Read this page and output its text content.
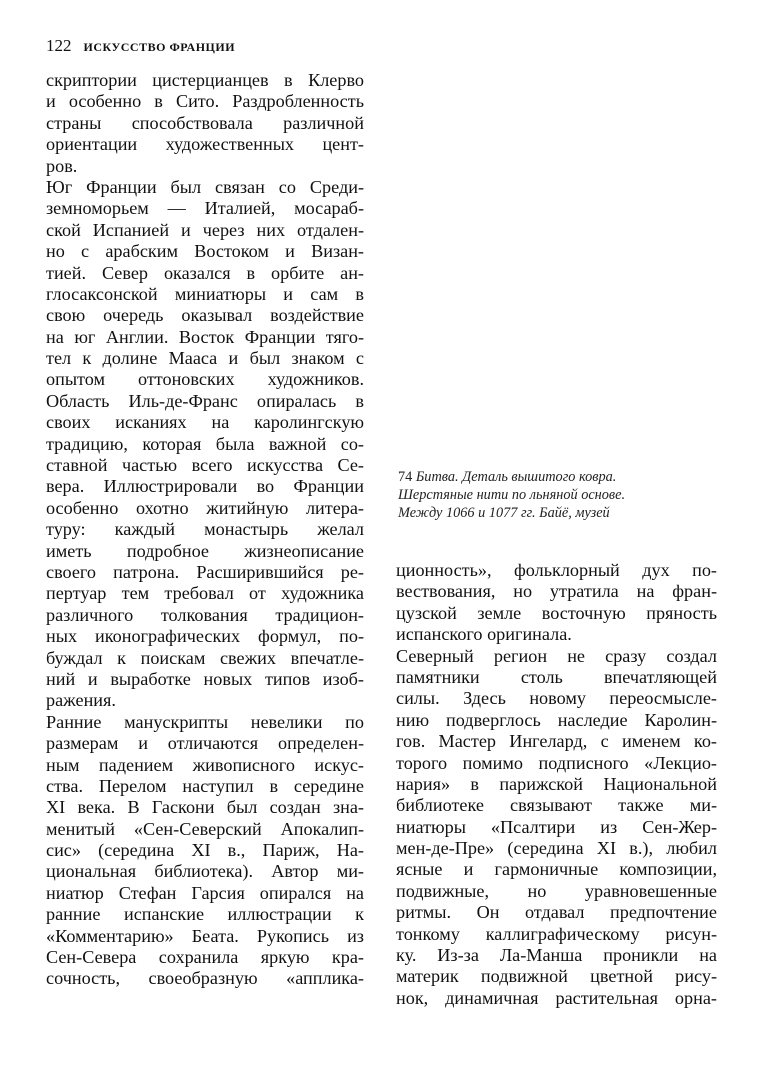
122 ИСКУССТВО ФРАНЦИИ
скриптории цистерцианцев в Клерво
и особенно в Сито. Раздробленность
страны способствовала различной
ориентации художественных цент-
ров.
Юг Франции был связан со Среди-
земноморьем — Италией, мосараб-
ской Испанией и через них отдален-
но с арабским Востоком и Визан-
тией. Север оказался в орбите ан-
глосаксонской миниатюры и сам в
свою очередь оказывал воздействие
на юг Англии. Восток Франции тяго-
тел к долине Мааса и был знаком с
опытом оттоновских художников.
Область Иль-де-Франс опиралась в
своих исканиях на каролингскую
традицию, которая была важной со-
ставной частью всего искусства Се-
вера. Иллюстрировали во Франции
особенно охотно житийную литера-
туру: каждый монастырь желал
иметь подробное жизнеописание
своего патрона. Расширившийся ре-
пертуар тем требовал от художника
различного толкования традицион-
ных иконографических формул, по-
буждал к поискам свежих впечатле-
ний и выработке новых типов изоб-
ражения.
Ранние манускрипты невелики по
размерам и отличаются определен-
ным падением живописного искус-
ства. Перелом наступил в середине
XI века. В Гаскони был создан зна-
менитый «Сен-Северский Апокалип-
сис» (середина XI в., Париж, На-
циональная библиотека). Автор ми-
ниатюр Стефан Гарсия опирался на
ранние испанские иллюстрации к
«Комментарию» Беата. Рукопись из
Сен-Севера сохранила яркую кра-
сочность, своеобразную «апплика-
74 Битва. Деталь вышитого ковра.
Шерстяные нити по льняной основе.
Между 1066 и 1077 гг. Байё, музей
ционность», фольклорный дух по-
вествования, но утратила на фран-
цузской земле восточную пряность
испанского оригинала.
Северный регион не сразу создал
памятники столь впечатляющей
силы. Здесь новому переосмысле-
нию подверглось наследие Каролин-
гов. Мастер Ингелард, с именем ко-
торого помимо подписного «Лекцио-
нария» в парижской Национальной
библиотеке связывают также ми-
ниатюры «Псалтири из Сен-Жер-
мен-де-Пре» (середина XI в.), любил
ясные и гармоничные композиции,
подвижные, но уравновешенные
ритмы. Он отдавал предпочтение
тонкому каллиграфическому рисун-
ку. Из-за Ла-Манша проникли на
материк подвижной цветной рису-
нок, динамичная растительная орна-
